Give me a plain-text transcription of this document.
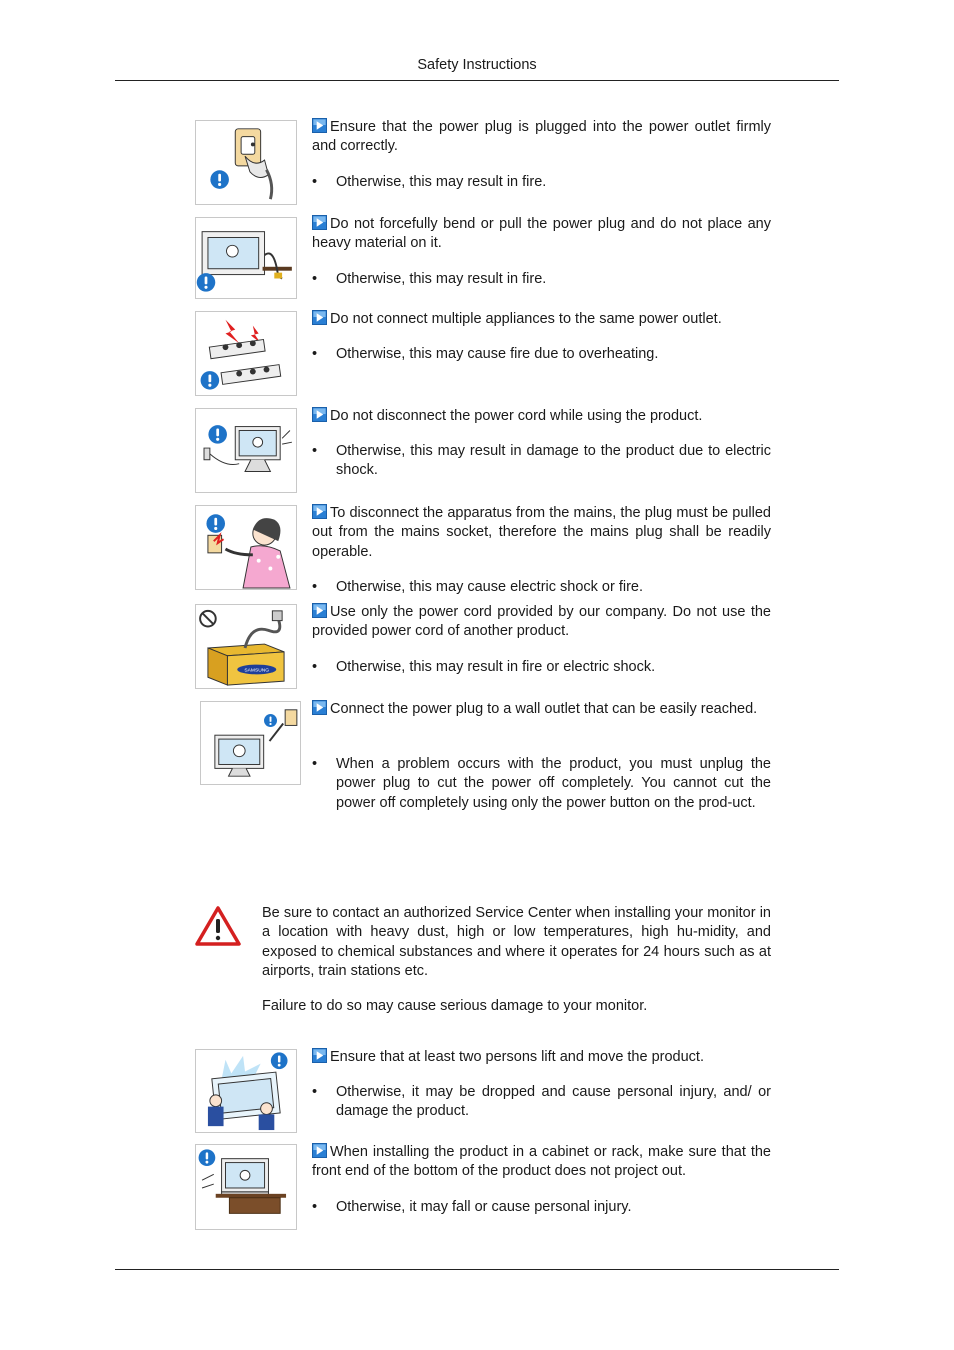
Safety Instructions
Ensure that the power plug is plugged into the power outlet firmly and correctly.
• Otherwise, this may result in fire.
Do not forcefully bend or pull the power plug and do not place any heavy material on it.
• Otherwise, this may result in fire.
Do not connect multiple appliances to the same power outlet.
• Otherwise, this may cause fire due to overheating.
Do not disconnect the power cord while using the product.
• Otherwise, this may result in damage to the product due to electric shock.
To disconnect the apparatus from the mains, the plug must be pulled out from the mains socket, therefore the mains plug shall be readily operable.
• Otherwise, this may cause electric shock or fire.
SAMSUNG
Use only the power cord provided by our company. Do not use the provided power cord of another product.
• Otherwise, this may result in fire or electric shock.
Connect the power plug to a wall outlet that can be easily reached.
• When a problem occurs with the product, you must unplug the power plug to cut the power off completely. You cannot cut the power off completely using only the power button on the prod-uct.
Be sure to contact an authorized Service Center when installing your monitor in a location with heavy dust, high or low temperatures, high hu-midity, and exposed to chemical substances and where it operates for 24 hours such as at airports, train stations etc.
Failure to do so may cause serious damage to your monitor.
Ensure that at least two persons lift and move the product.
• Otherwise, it may be dropped and cause personal injury, and/ or damage the product.
When installing the product in a cabinet or rack, make sure that the front end of the bottom of the product does not project out.
• Otherwise, it may fall or cause personal injury.
